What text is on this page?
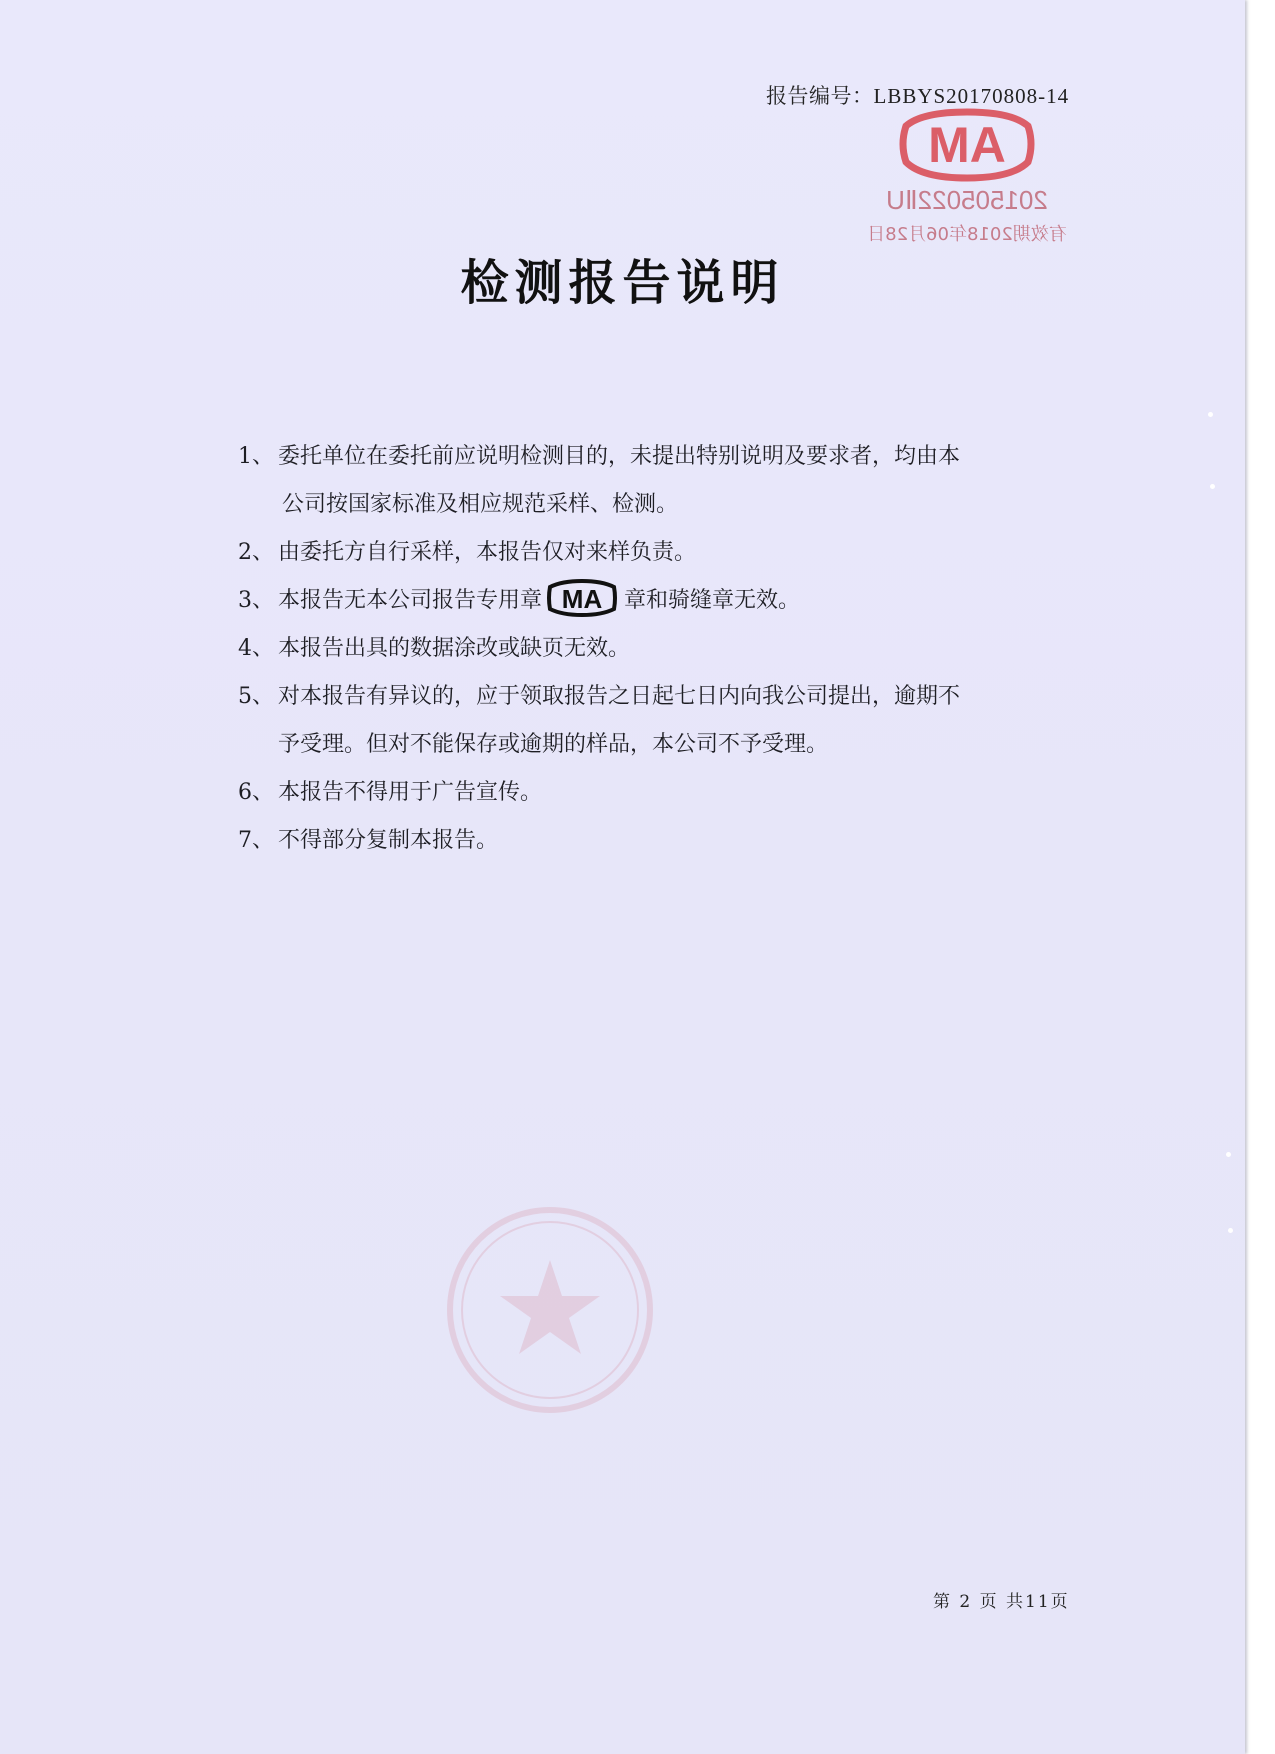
报告编号：LBBYS20170808-14
MA
201505022ⅡU
有效期2018年06月28日
检测报告说明
1、 委托单位在委托前应说明检测目的，未提出特别说明及要求者，均由本
公司按国家标准及相应规范采样、检测。
2、 由委托方自行采样，本报告仅对来样负责。
3、 本报告无本公司报告专用章 MA 章和骑缝章无效。
4、 本报告出具的数据涂改或缺页无效。
5、 对本报告有异议的，应于领取报告之日起七日内向我公司提出，逾期不
予受理。但对不能保存或逾期的样品，本公司不予受理。
6、 本报告不得用于广告宣传。
7、 不得部分复制本报告。
第 2 页 共11页
